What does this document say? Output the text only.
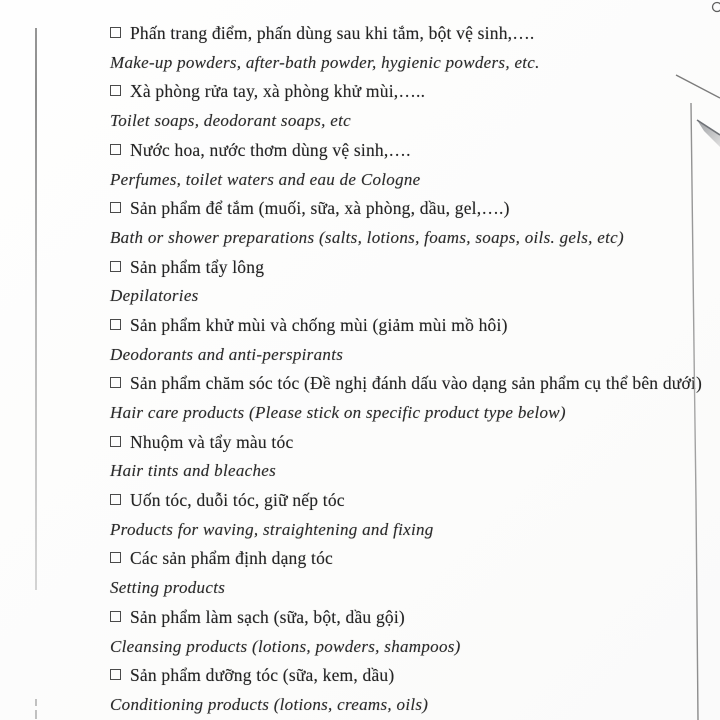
Phấn trang điểm, phấn dùng sau khi tắm, bột vệ sinh,….
Make-up powders, after-bath powder, hygienic powders, etc.
Xà phòng rửa tay, xà phòng khử mùi,…..
Toilet soaps, deodorant soaps, etc
Nước hoa, nước thơm dùng vệ sinh,….
Perfumes, toilet waters and eau de Cologne
Sản phẩm để tắm (muối, sữa, xà phòng, dầu, gel,….)
Bath or shower preparations (salts, lotions, foams, soaps, oils. gels, etc)
Sản phẩm tẩy lông
Depilatories
Sản phẩm khử mùi và chống mùi (giảm mùi mồ hôi)
Deodorants and anti-perspirants
Sản phẩm chăm sóc tóc (Đề nghị đánh dấu vào dạng sản phẩm cụ thể bên dưới)
Hair care products (Please stick on specific product type below)
Nhuộm và tẩy màu tóc
Hair tints and bleaches
Uốn tóc, duỗi tóc, giữ nếp tóc
Products for waving, straightening and fixing
Các sản phẩm định dạng tóc
Setting products
Sản phẩm làm sạch (sữa, bột, dầu gội)
Cleansing products (lotions, powders, shampoos)
Sản phẩm dưỡng tóc (sữa, kem, dầu)
Conditioning products (lotions, creams, oils)
